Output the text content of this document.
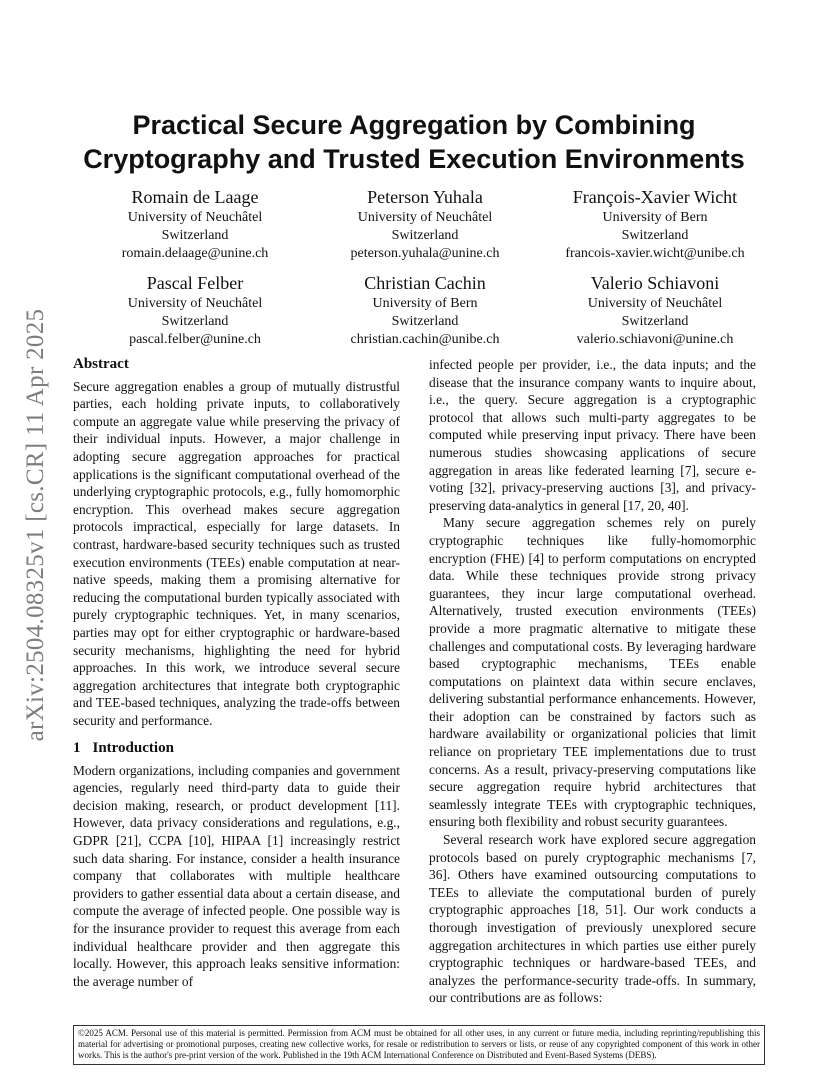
arXiv:2504.08325v1 [cs.CR] 11 Apr 2025
Practical Secure Aggregation by Combining
Cryptography and Trusted Execution Environments
Romain de Laage
University of Neuchâtel
Switzerland
romain.delaage@unine.ch
Peterson Yuhala
University of Neuchâtel
Switzerland
peterson.yuhala@unine.ch
François-Xavier Wicht
University of Bern
Switzerland
francois-xavier.wicht@unibe.ch
Pascal Felber
University of Neuchâtel
Switzerland
pascal.felber@unine.ch
Christian Cachin
University of Bern
Switzerland
christian.cachin@unibe.ch
Valerio Schiavoni
University of Neuchâtel
Switzerland
valerio.schiavoni@unine.ch
Abstract

Secure aggregation enables a group of mutually distrustful parties, each holding private inputs, to collaboratively compute an aggregate value while preserving the privacy of their individual inputs. However, a major challenge in adopting secure aggregation approaches for practical applications is the significant computational overhead of the underlying cryptographic protocols, e.g., fully homomorphic encryption. This overhead makes secure aggregation protocols impractical, especially for large datasets. In contrast, hardware-based security techniques such as trusted execution environments (TEEs) enable computation at near-native speeds, making them a promising alternative for reducing the computational burden typically associated with purely cryptographic techniques. Yet, in many scenarios, parties may opt for either cryptographic or hardware-based security mechanisms, highlighting the need for hybrid approaches. In this work, we introduce several secure aggregation architectures that integrate both cryptographic and TEE-based techniques, analyzing the trade-offs between security and performance.

1 Introduction

Modern organizations, including companies and government agencies, regularly need third-party data to guide their decision making, research, or product development [11]. However, data privacy considerations and regulations, e.g., GDPR [21], CCPA [10], HIPAA [1] increasingly restrict such data sharing. For instance, consider a health insurance company that collaborates with multiple healthcare providers to gather essential data about a certain disease, and compute the average of infected people. One possible way is for the insurance provider to request this average from each individual healthcare provider and then aggregate this locally. However, this approach leaks sensitive information: the average number of

infected people per provider, i.e., the data inputs; and the disease that the insurance company wants to inquire about, i.e., the query. Secure aggregation is a cryptographic protocol that allows such multi-party aggregates to be computed while preserving input privacy. There have been numerous studies showcasing applications of secure aggregation in areas like federated learning [7], secure e-voting [32], privacy-preserving auctions [3], and privacy-preserving data-analytics in general [17, 20, 40].

Many secure aggregation schemes rely on purely cryptographic techniques like fully-homomorphic encryption (FHE) [4] to perform computations on encrypted data. While these techniques provide strong privacy guarantees, they incur large computational overhead. Alternatively, trusted execution environments (TEEs) provide a more pragmatic alternative to mitigate these challenges and computational costs. By leveraging hardware based cryptographic mechanisms, TEEs enable computations on plaintext data within secure enclaves, delivering substantial performance enhancements. However, their adoption can be constrained by factors such as hardware availability or organizational policies that limit reliance on proprietary TEE implementations due to trust concerns. As a result, privacy-preserving computations like secure aggregation require hybrid architectures that seamlessly integrate TEEs with cryptographic techniques, ensuring both flexibility and robust security guarantees.

Several research work have explored secure aggregation protocols based on purely cryptographic mechanisms [7, 36]. Others have examined outsourcing computations to TEEs to alleviate the computational burden of purely cryptographic approaches [18, 51]. Our work conducts a thorough investigation of previously unexplored secure aggregation architectures in which parties use either purely cryptographic techniques or hardware-based TEEs, and analyzes the performance-security trade-offs. In summary, our contributions are as follows:

©2025 ACM. Personal use of this material is permitted. Permission from ACM must be obtained for all other uses, in any current or future media, including reprinting/republishing this material for advertising or promotional purposes, creating new collective works, for resale or redistribution to servers or lists, or reuse of any copyrighted component of this work in other works. This is the author's pre-print version of the work. Published in the 19th ACM International Conference on Distributed and Event-Based Systems (DEBS).
